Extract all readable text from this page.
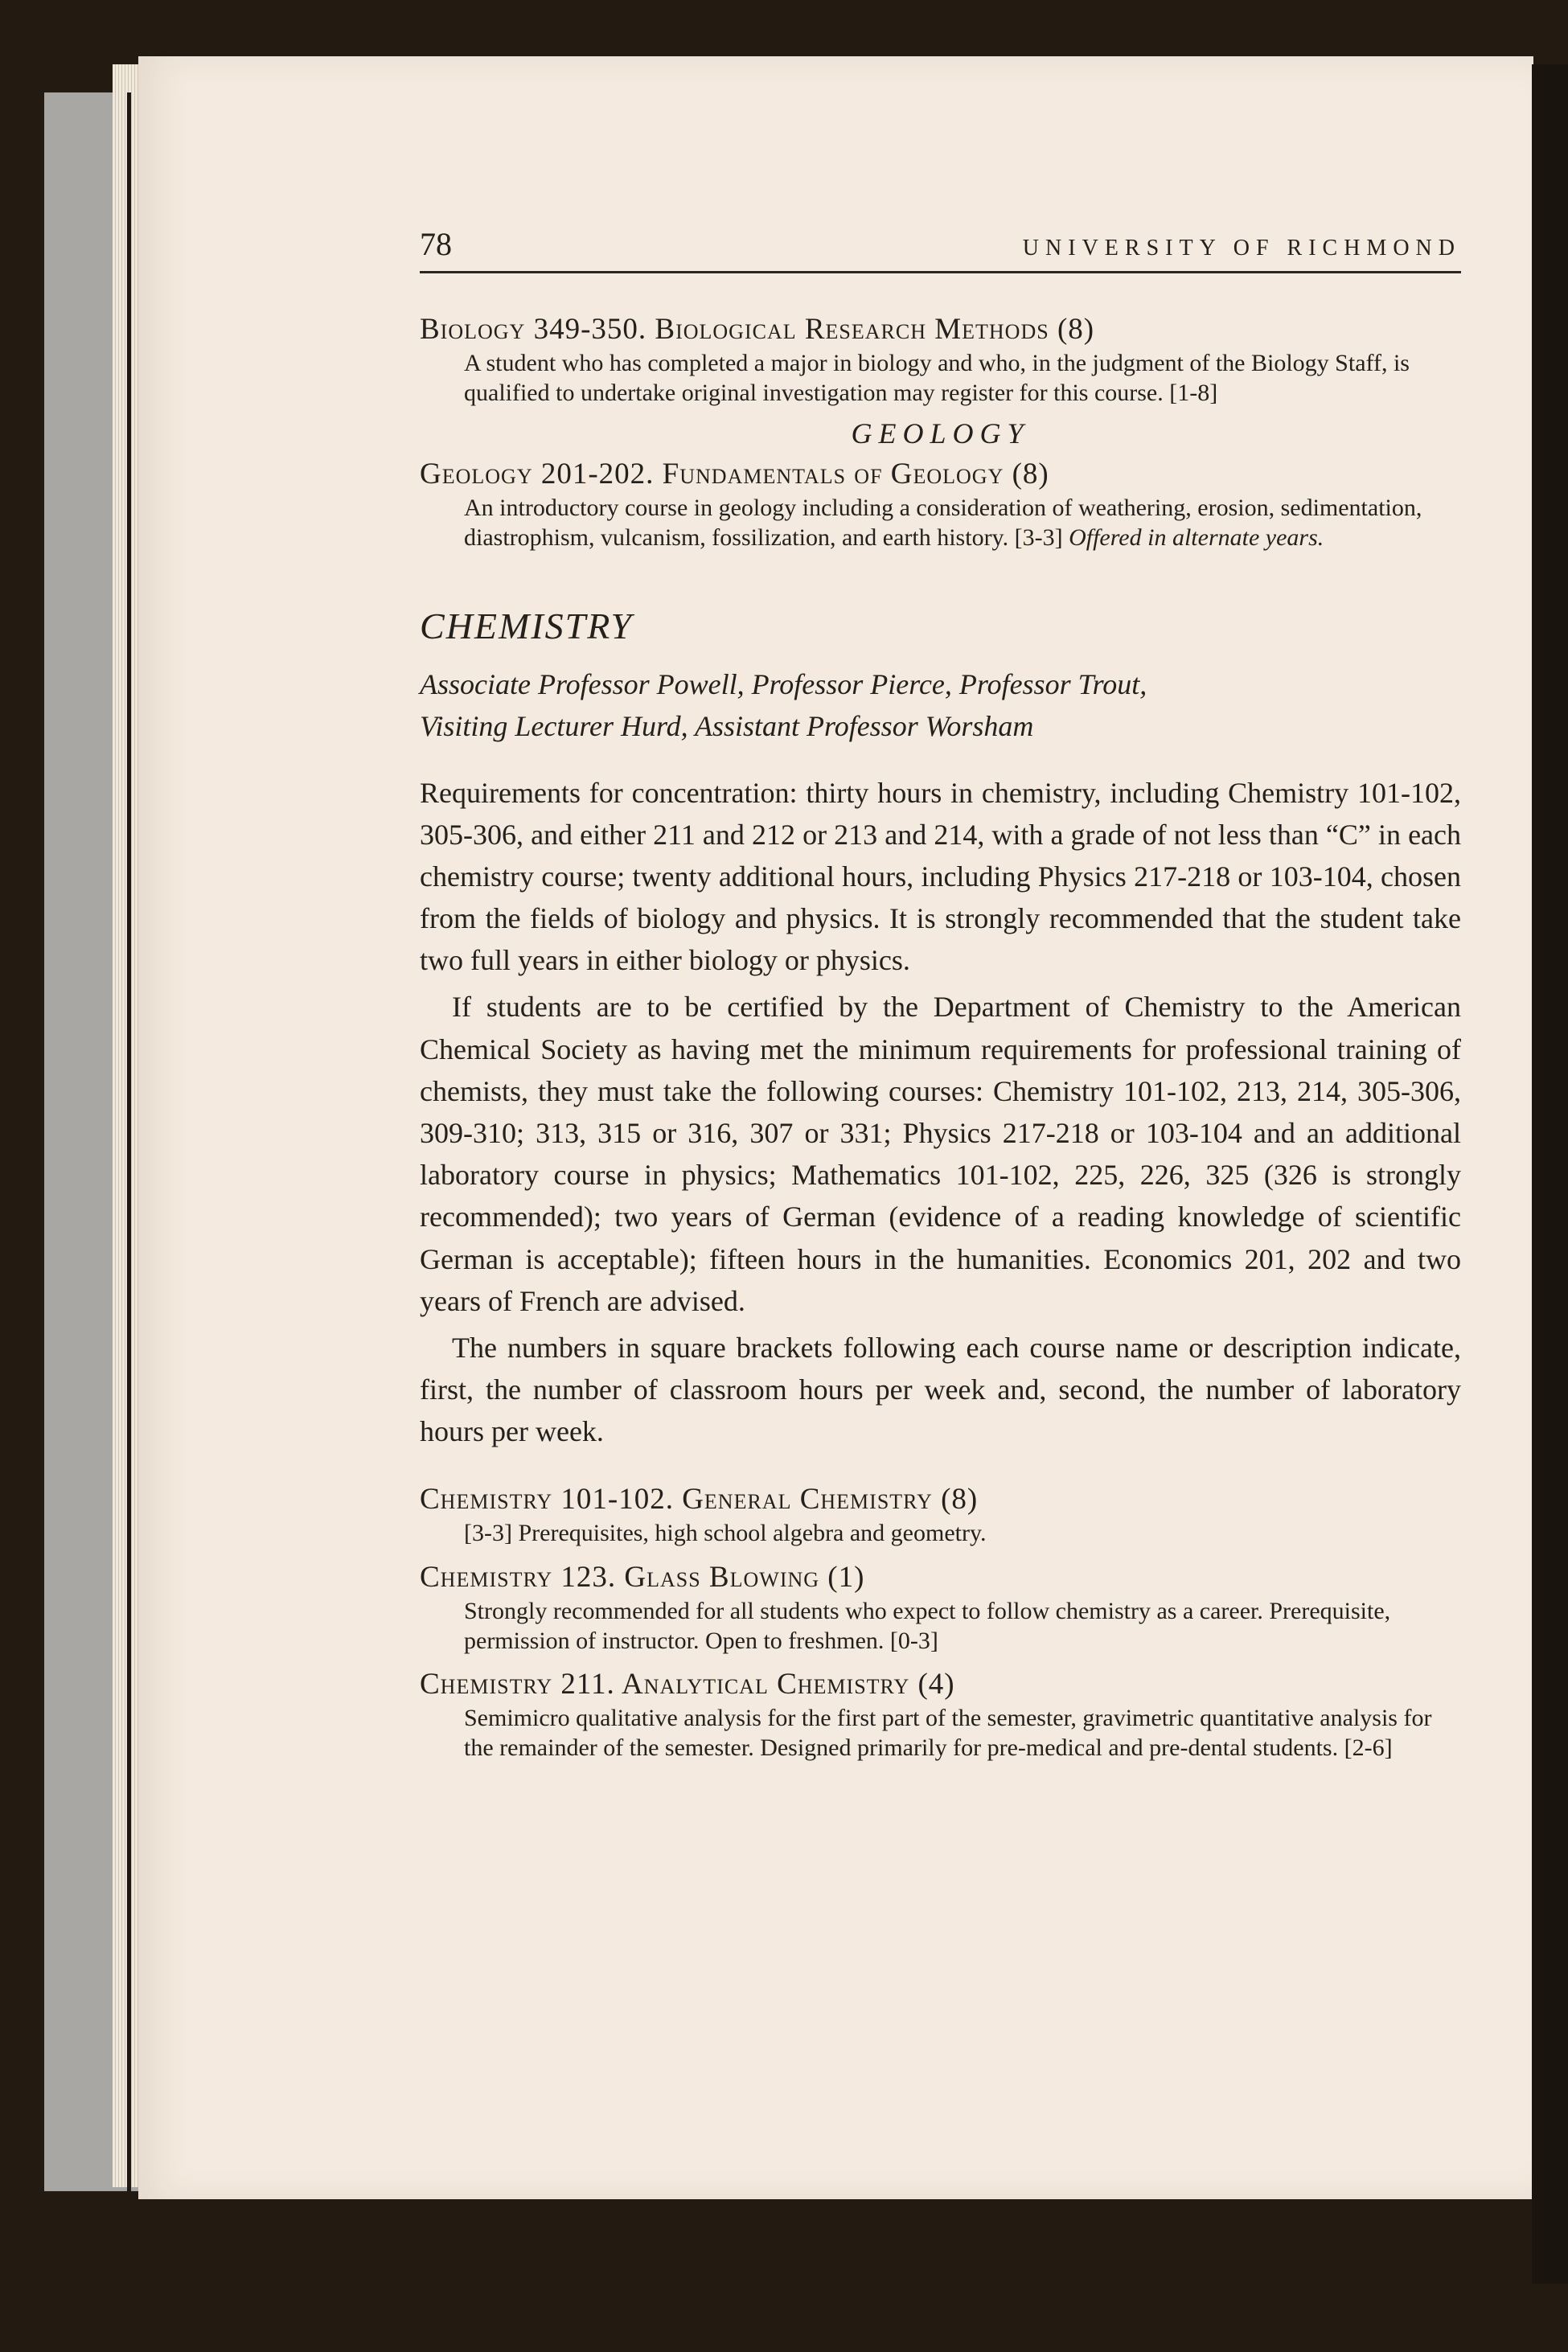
78	UNIVERSITY OF RICHMOND
Biology 349-350. Biological Research Methods (8)
A student who has completed a major in biology and who, in the judgment of the Biology Staff, is qualified to undertake original investigation may register for this course. [1-8]
GEOLOGY
Geology 201-202. Fundamentals of Geology (8)
An introductory course in geology including a consideration of weathering, erosion, sedimentation, diastrophism, vulcanism, fossilization, and earth history. [3-3] Offered in alternate years.
CHEMISTRY
Associate Professor Powell, Professor Pierce, Professor Trout,
Visiting Lecturer Hurd, Assistant Professor Worsham

Requirements for concentration: thirty hours in chemistry, including Chemistry 101-102, 305-306, and either 211 and 212 or 213 and 214, with a grade of not less than “C” in each chemistry course; twenty additional hours, including Physics 217-218 or 103-104, chosen from the fields of biology and physics. It is strongly recommended that the student take two full years in either biology or physics.

If students are to be certified by the Department of Chemistry to the American Chemical Society as having met the minimum requirements for professional training of chemists, they must take the following courses: Chemistry 101-102, 213, 214, 305-306, 309-310; 313, 315 or 316, 307 or 331; Physics 217-218 or 103-104 and an additional laboratory course in physics; Mathematics 101-102, 225, 226, 325 (326 is strongly recommended); two years of German (evidence of a reading knowledge of scientific German is acceptable); fifteen hours in the humanities. Economics 201, 202 and two years of French are advised.

The numbers in square brackets following each course name or description indicate, first, the number of classroom hours per week and, second, the number of laboratory hours per week.

Chemistry 101-102. General Chemistry (8)
[3-3] Prerequisites, high school algebra and geometry.
Chemistry 123. Glass Blowing (1)
Strongly recommended for all students who expect to follow chemistry as a career. Prerequisite, permission of instructor. Open to freshmen. [0-3]
Chemistry 211. Analytical Chemistry (4)
Semimicro qualitative analysis for the first part of the semester, gravimetric quantitative analysis for the remainder of the semester. Designed primarily for pre-medical and pre-dental students. [2-6]
